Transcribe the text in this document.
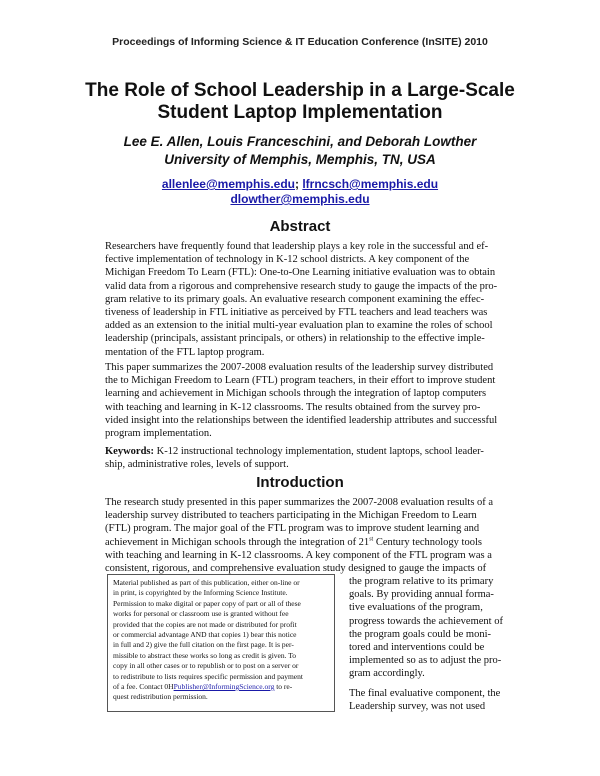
Proceedings of Informing Science & IT Education Conference (InSITE) 2010
The Role of School Leadership in a Large-Scale
Student Laptop Implementation
Lee E. Allen, Louis Franceschini, and Deborah Lowther
University of Memphis, Memphis, TN, USA
allenlee@memphis.edu; lfrncsch@memphis.edu
dlowther@memphis.edu
Abstract
Researchers have frequently found that leadership plays a key role in the successful and ef-
fective implementation of technology in K-12 school districts. A key component of the
Michigan Freedom To Learn (FTL): One-to-One Learning initiative evaluation was to obtain
valid data from a rigorous and comprehensive research study to gauge the impacts of the pro-
gram relative to its primary goals. An evaluative research component examining the effec-
tiveness of leadership in FTL initiative as perceived by FTL teachers and lead teachers was
added as an extension to the initial multi-year evaluation plan to examine the roles of school
leadership (principals, assistant principals, or others) in relationship to the effective imple-
mentation of the FTL laptop program.
This paper summarizes the 2007-2008 evaluation results of the leadership survey distributed
the to Michigan Freedom to Learn (FTL) program teachers, in their effort to improve student
learning and achievement in Michigan schools through the integration of laptop computers
with teaching and learning in K-12 classrooms. The results obtained from the survey pro-
vided insight into the relationships between the identified leadership attributes and successful
program implementation.
Keywords: K-12 instructional technology implementation, student laptops, school leader-
ship, administrative roles, levels of support.
Introduction
The research study presented in this paper summarizes the 2007-2008 evaluation results of a
leadership survey distributed to teachers participating in the Michigan Freedom to Learn
(FTL) program. The major goal of the FTL program was to improve student learning and
achievement in Michigan schools through the integration of 21st Century technology tools
with teaching and learning in K-12 classrooms. A key component of the FTL program was a
consistent, rigorous, and comprehensive evaluation study designed to gauge the impacts of
Material published as part of this publication, either on-line or
in print, is copyrighted by the Informing Science Institute.
Permission to make digital or paper copy of part or all of these
works for personal or classroom use is granted without fee
provided that the copies are not made or distributed for profit
or commercial advantage AND that copies 1) bear this notice
in full and 2) give the full citation on the first page. It is per-
missible to abstract these works so long as credit is given. To
copy in all other cases or to republish or to post on a server or
to redistribute to lists requires specific permission and payment
of a fee. Contact 0HPublisher@InformingScience.org to re-
quest redistribution permission.
the program relative to its primary
goals. By providing annual forma-
tive evaluations of the program,
progress towards the achievement of
the program goals could be moni-
tored and interventions could be
implemented so as to adjust the pro-
gram accordingly.
The final evaluative component, the
Leadership survey, was not used
